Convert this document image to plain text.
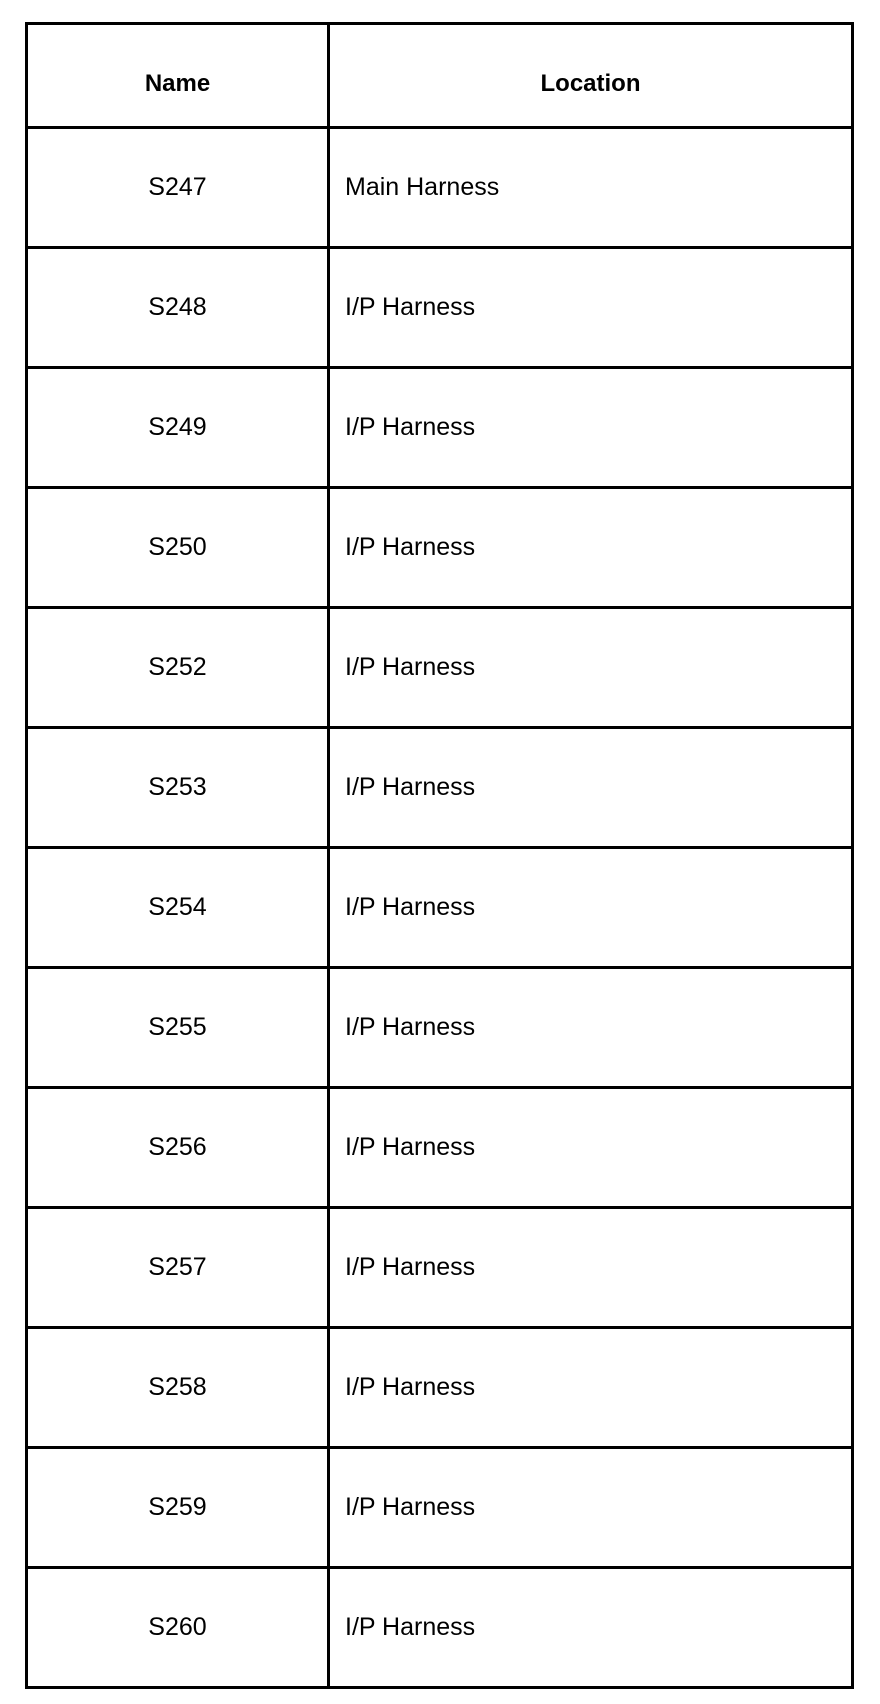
Name	Location
S247	Main Harness
S248	I/P Harness
S249	I/P Harness
S250	I/P Harness
S252	I/P Harness
S253	I/P Harness
S254	I/P Harness
S255	I/P Harness
S256	I/P Harness
S257	I/P Harness
S258	I/P Harness
S259	I/P Harness
S260	I/P Harness
